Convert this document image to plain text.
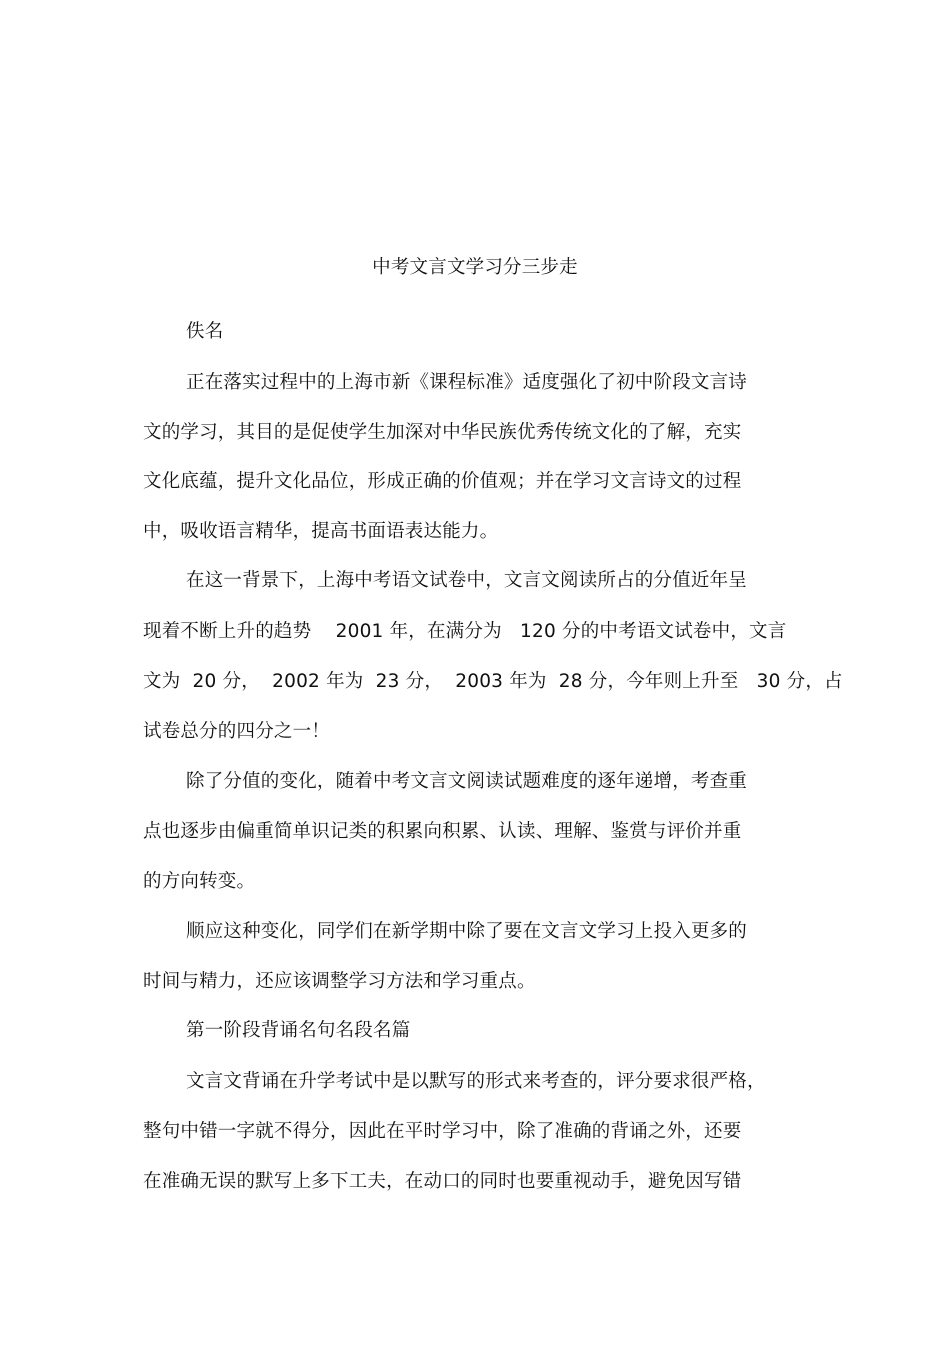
中考文言文学习分三步走
佚名
正在落实过程中的上海市新《课程标准》适度强化了初中阶段文言诗
文的学习，其目的是促使学生加深对中华民族优秀传统文化的了解，充实
文化底蕴，提升文化品位，形成正确的价值观；并在学习文言诗文的过程
中，吸收语言精华，提高书面语表达能力。
在这一背景下，上海中考语文试卷中，文言文阅读所占的分值近年呈
现着不断上升的趋势    2001 年，在满分为   120 分的中考语文试卷中，文言
文为  20 分，  2002 年为  23 分，  2003 年为  28 分，今年则上升至   30 分，占
试卷总分的四分之一！
除了分值的变化，随着中考文言文阅读试题难度的逐年递增，考查重
点也逐步由偏重简单识记类的积累向积累、认读、理解、鉴赏与评价并重
的方向转变。
顺应这种变化，同学们在新学期中除了要在文言文学习上投入更多的
时间与精力，还应该调整学习方法和学习重点。
第一阶段背诵名句名段名篇
文言文背诵在升学考试中是以默写的形式来考查的，评分要求很严格，
整句中错一字就不得分，因此在平时学习中，除了准确的背诵之外，还要
在准确无误的默写上多下工夫，在动口的同时也要重视动手，避免因写错
